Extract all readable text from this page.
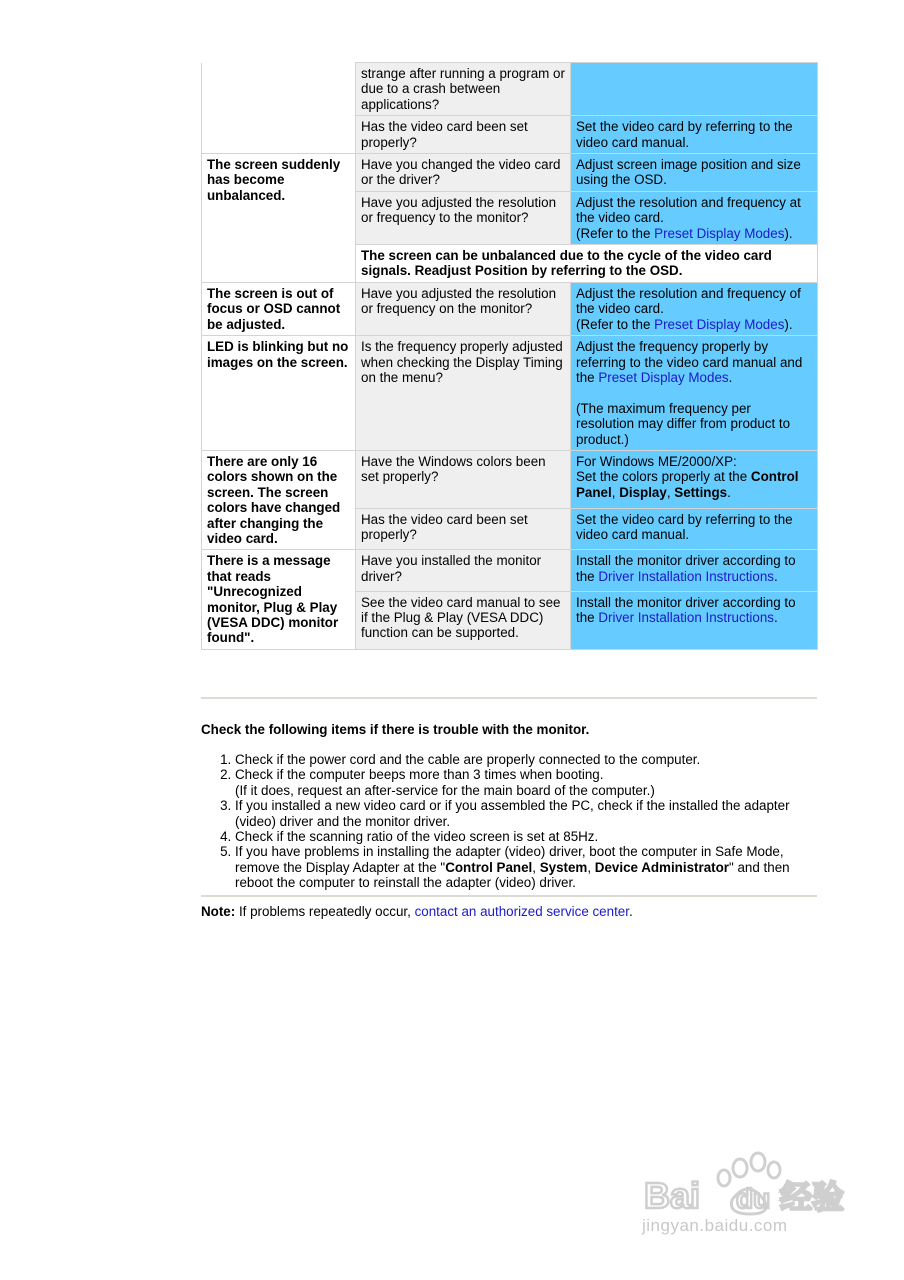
	strange after running a program or due to a crash between applications?	
	Has the video card been set properly?	Set the video card by referring to the video card manual.
The screen suddenly has become unbalanced.	Have you changed the video card or the driver?	Adjust screen image position and size using the OSD.
	Have you adjusted the resolution or frequency to the monitor?	Adjust the resolution and frequency at the video card.
(Refer to the Preset Display Modes).
	The screen can be unbalanced due to the cycle of the video card signals. Readjust Position by referring to the OSD.	
The screen is out of focus or OSD cannot be adjusted.	Have you adjusted the resolution or frequency on the monitor?	Adjust the resolution and frequency of the video card.
(Refer to the Preset Display Modes).
LED is blinking but no images on the screen.	Is the frequency properly adjusted when checking the Display Timing on the menu?	Adjust the frequency properly by referring to the video card manual and the Preset Display Modes.

(The maximum frequency per resolution may differ from product to product.)
There are only 16 colors shown on the screen. The screen colors have changed after changing the video card.	Have the Windows colors been set properly?	For Windows ME/2000/XP:
Set the colors properly at the Control Panel, Display, Settings.
	Has the video card been set properly?	Set the video card by referring to the video card manual.
There is a message that reads "Unrecognized monitor, Plug & Play (VESA DDC) monitor found".	Have you installed the monitor driver?	Install the monitor driver according to the Driver Installation Instructions.
	See the video card manual to see if the Plug & Play (VESA DDC) function can be supported.	Install the monitor driver according to the Driver Installation Instructions.
Check the following items if there is trouble with the monitor.
1. Check if the power cord and the cable are properly connected to the computer.
2. Check if the computer beeps more than 3 times when booting.
(If it does, request an after-service for the main board of the computer.)
3. If you installed a new video card or if you assembled the PC, check if the installed the adapter (video) driver and the monitor driver.
4. Check if the scanning ratio of the video screen is set at 85Hz.
5. If you have problems in installing the adapter (video) driver, boot the computer in Safe Mode, remove the Display Adapter at the "Control Panel, System, Device Administrator" and then reboot the computer to reinstall the adapter (video) driver.
Note: If problems repeatedly occur, contact an authorized service center.
Bai du 经验
jingyan.baidu.com
